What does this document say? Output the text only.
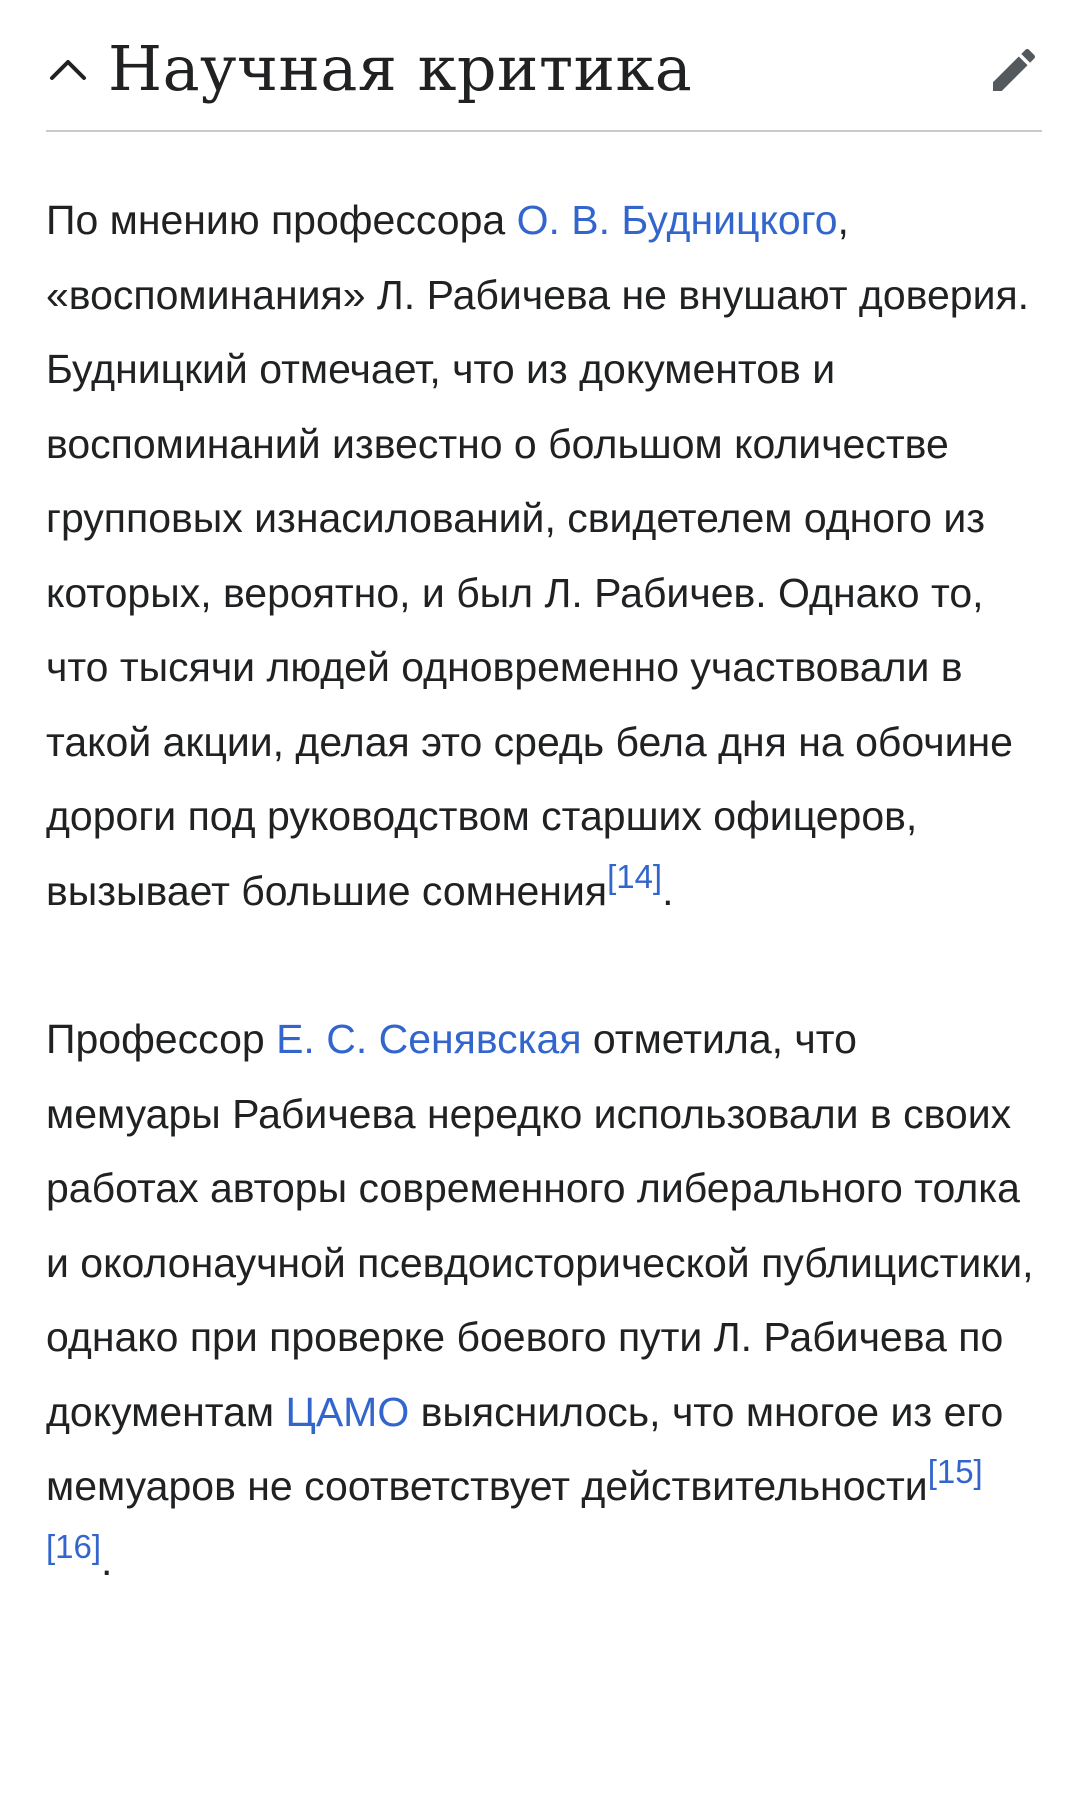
Научная критика

По мнению профессора О. В. Будницкого, «воспоминания» Л. Рабичева не внушают доверия. Будницкий отмечает, что из документов и воспоминаний известно о большом количестве групповых изнасилований, свидетелем одного из которых, вероятно, и был Л. Рабичев. Однако то, что тысячи людей одновременно участвовали в такой акции, делая это средь бела дня на обочине дороги под руководством старших офицеров, вызывает большие сомнения[14].

Профессор Е. С. Сенявская отметила, что мемуары Рабичева нередко использовали в своих работах авторы современного либерального толка и околонаучной псевдоисторической публицистики, однако при проверке боевого пути Л. Рабичева по документам ЦАМО выяснилось, что многое из его мемуаров не соответствует действительности[15][16].
